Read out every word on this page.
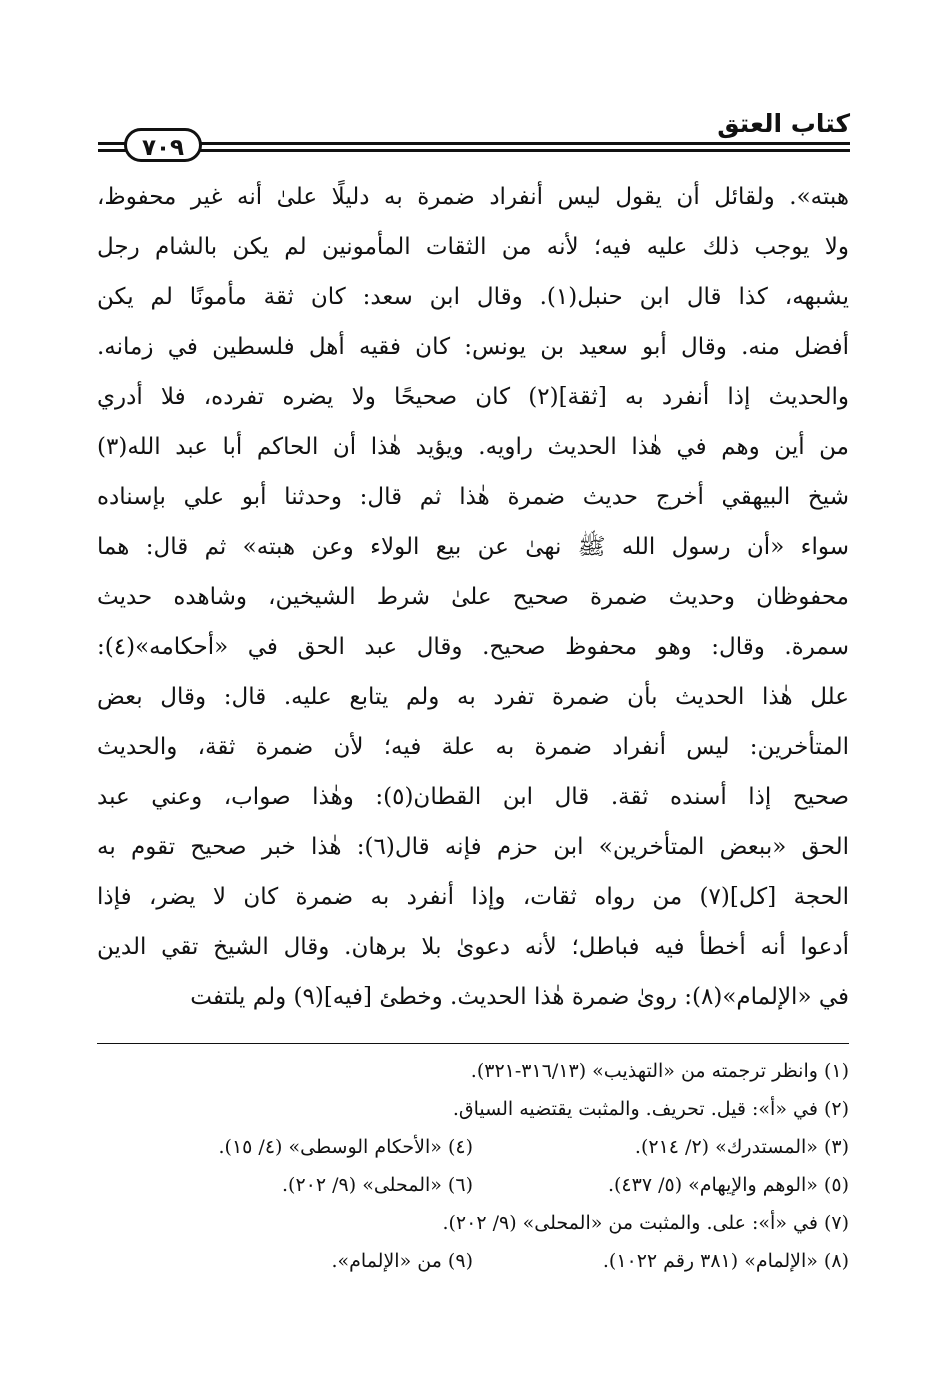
كتاب العتق
٧٠٩
هبته». ولقائل أن يقول ليس أنفراد ضمرة به دليلًا علىٰ أنه غير محفوظ،
ولا يوجب ذلك عليه فيه؛ لأنه من الثقات المأمونين لم يكن بالشام رجل
يشبهه، كذا قال ابن حنبل(١). وقال ابن سعد: كان ثقة مأمونًا لم يكن
أفضل منه. وقال أبو سعيد بن يونس: كان فقيه أهل فلسطين في زمانه.
والحديث إذا أنفرد به [ثقة](٢) كان صحيحًا ولا يضره تفرده، فلا أدري
من أين وهم في هٰذا الحديث راويه. ويؤيد هٰذا أن الحاكم أبا عبد الله(٣)
شيخ البيهقي أخرج حديث ضمرة هٰذا ثم قال: وحدثنا أبو علي بإسناده
سواء «أن رسول الله ﷺ نهىٰ عن بيع الولاء وعن هبته» ثم قال: هما
محفوظان وحديث ضمرة صحيح علىٰ شرط الشيخين، وشاهده حديث
سمرة. وقال: وهو محفوظ صحيح. وقال عبد الحق في «أحكامه»(٤):
علل هٰذا الحديث بأن ضمرة تفرد به ولم يتابع عليه. قال: وقال بعض
المتأخرين: ليس أنفراد ضمرة به علة فيه؛ لأن ضمرة ثقة، والحديث
صحيح إذا أسنده ثقة. قال ابن القطان(٥): وهٰذا صواب، وعني عبد
الحق «ببعض المتأخرين» ابن حزم فإنه قال(٦): هٰذا خبر صحيح تقوم به
الحجة [كل](٧) من رواه ثقات، وإذا أنفرد به ضمرة كان لا يضر، فإذا
أدعوا أنه أخطأ فيه فباطل؛ لأنه دعوىٰ بلا برهان. وقال الشيخ تقي الدين
في «الإلمام»(٨): روىٰ ضمرة هٰذا الحديث. وخطئ [فيه](٩) ولم يلتفت
(١) وانظر ترجمته من «التهذيب» (٣١٦/١٣-٣٢١).
(٢) في «أ»: قيل. تحريف. والمثبت يقتضيه السياق.
(٣) «المستدرك» (٢/ ٢١٤).
(٤) «الأحكام الوسطى» (٤/ ١٥).
(٥) «الوهم والإيهام» (٥/ ٤٣٧).
(٦) «المحلى» (٩/ ٢٠٢).
(٧) في «أ»: على. والمثبت من «المحلى» (٩/ ٢٠٢).
(٨) «الإلمام» (٣٨١ رقم ١٠٢٢).
(٩) من «الإلمام».
